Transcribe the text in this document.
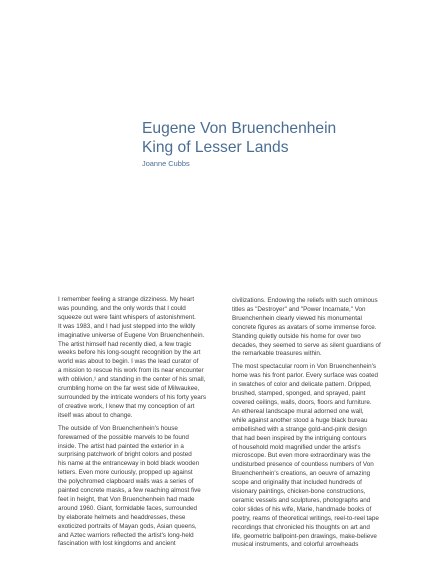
Eugene Von Bruenchenhein
King of Lesser Lands

Joanne Cubbs

I remember feeling a strange dizziness. My heart
was pounding, and the only words that I could
squeeze out were faint whispers of astonishment.
It was 1983, and I had just stepped into the wildly
imaginative universe of Eugene Von Bruenchenhein.
The artist himself had recently died, a few tragic
weeks before his long-sought recognition by the art
world was about to begin. I was the lead curator of
a mission to rescue his work from its near encounter
with oblivion,¹ and standing in the center of his small,
crumbling home on the far west side of Milwaukee,
surrounded by the intricate wonders of his forty years
of creative work, I knew that my conception of art
itself was about to change.

The outside of Von Bruenchenhein's house
forewarned of the possible marvels to be found
inside. The artist had painted the exterior in a
surprising patchwork of bright colors and posted
his name at the entranceway in bold black wooden
letters. Even more curiously, propped up against
the polychromed clapboard walls was a series of
painted concrete masks, a few reaching almost five
feet in height, that Von Bruenchenhein had made
around 1960. Giant, formidable faces, surrounded
by elaborate helmets and headdresses, these
exoticized portraits of Mayan gods, Asian queens,
and Aztec warriors reflected the artist's long-held
fascination with lost kingdoms and ancient

civilizations. Endowing the reliefs with such ominous
titles as "Destroyer" and "Power Incarnate," Von
Bruenchenhein clearly viewed his monumental
concrete figures as avatars of some immense force.
Standing quietly outside his home for over two
decades, they seemed to serve as silent guardians of
the remarkable treasures within.

The most spectacular room in Von Bruenchenhein's
home was his front parlor. Every surface was coated
in swatches of color and delicate pattern. Dripped,
brushed, stamped, sponged, and sprayed, paint
covered ceilings, walls, doors, floors and furniture.
An ethereal landscape mural adorned one wall,
while against another stood a huge black bureau
embellished with a strange gold-and-pink design
that had been inspired by the intriguing contours
of household mold magnified under the artist's
microscope. But even more extraordinary was the
undisturbed presence of countless numbers of Von
Bruenchenhein's creations, an oeuvre of amazing
scope and originality that included hundreds of
visionary paintings, chicken-bone constructions,
ceramic vessels and sculptures, photographs and
color slides of his wife, Marie, handmade books of
poetry, reams of theoretical writings, reel-to-reel tape
recordings that chronicled his thoughts on art and
life, geometric ballpoint-pen drawings, make-believe
musical instruments, and colorful arrowheads
